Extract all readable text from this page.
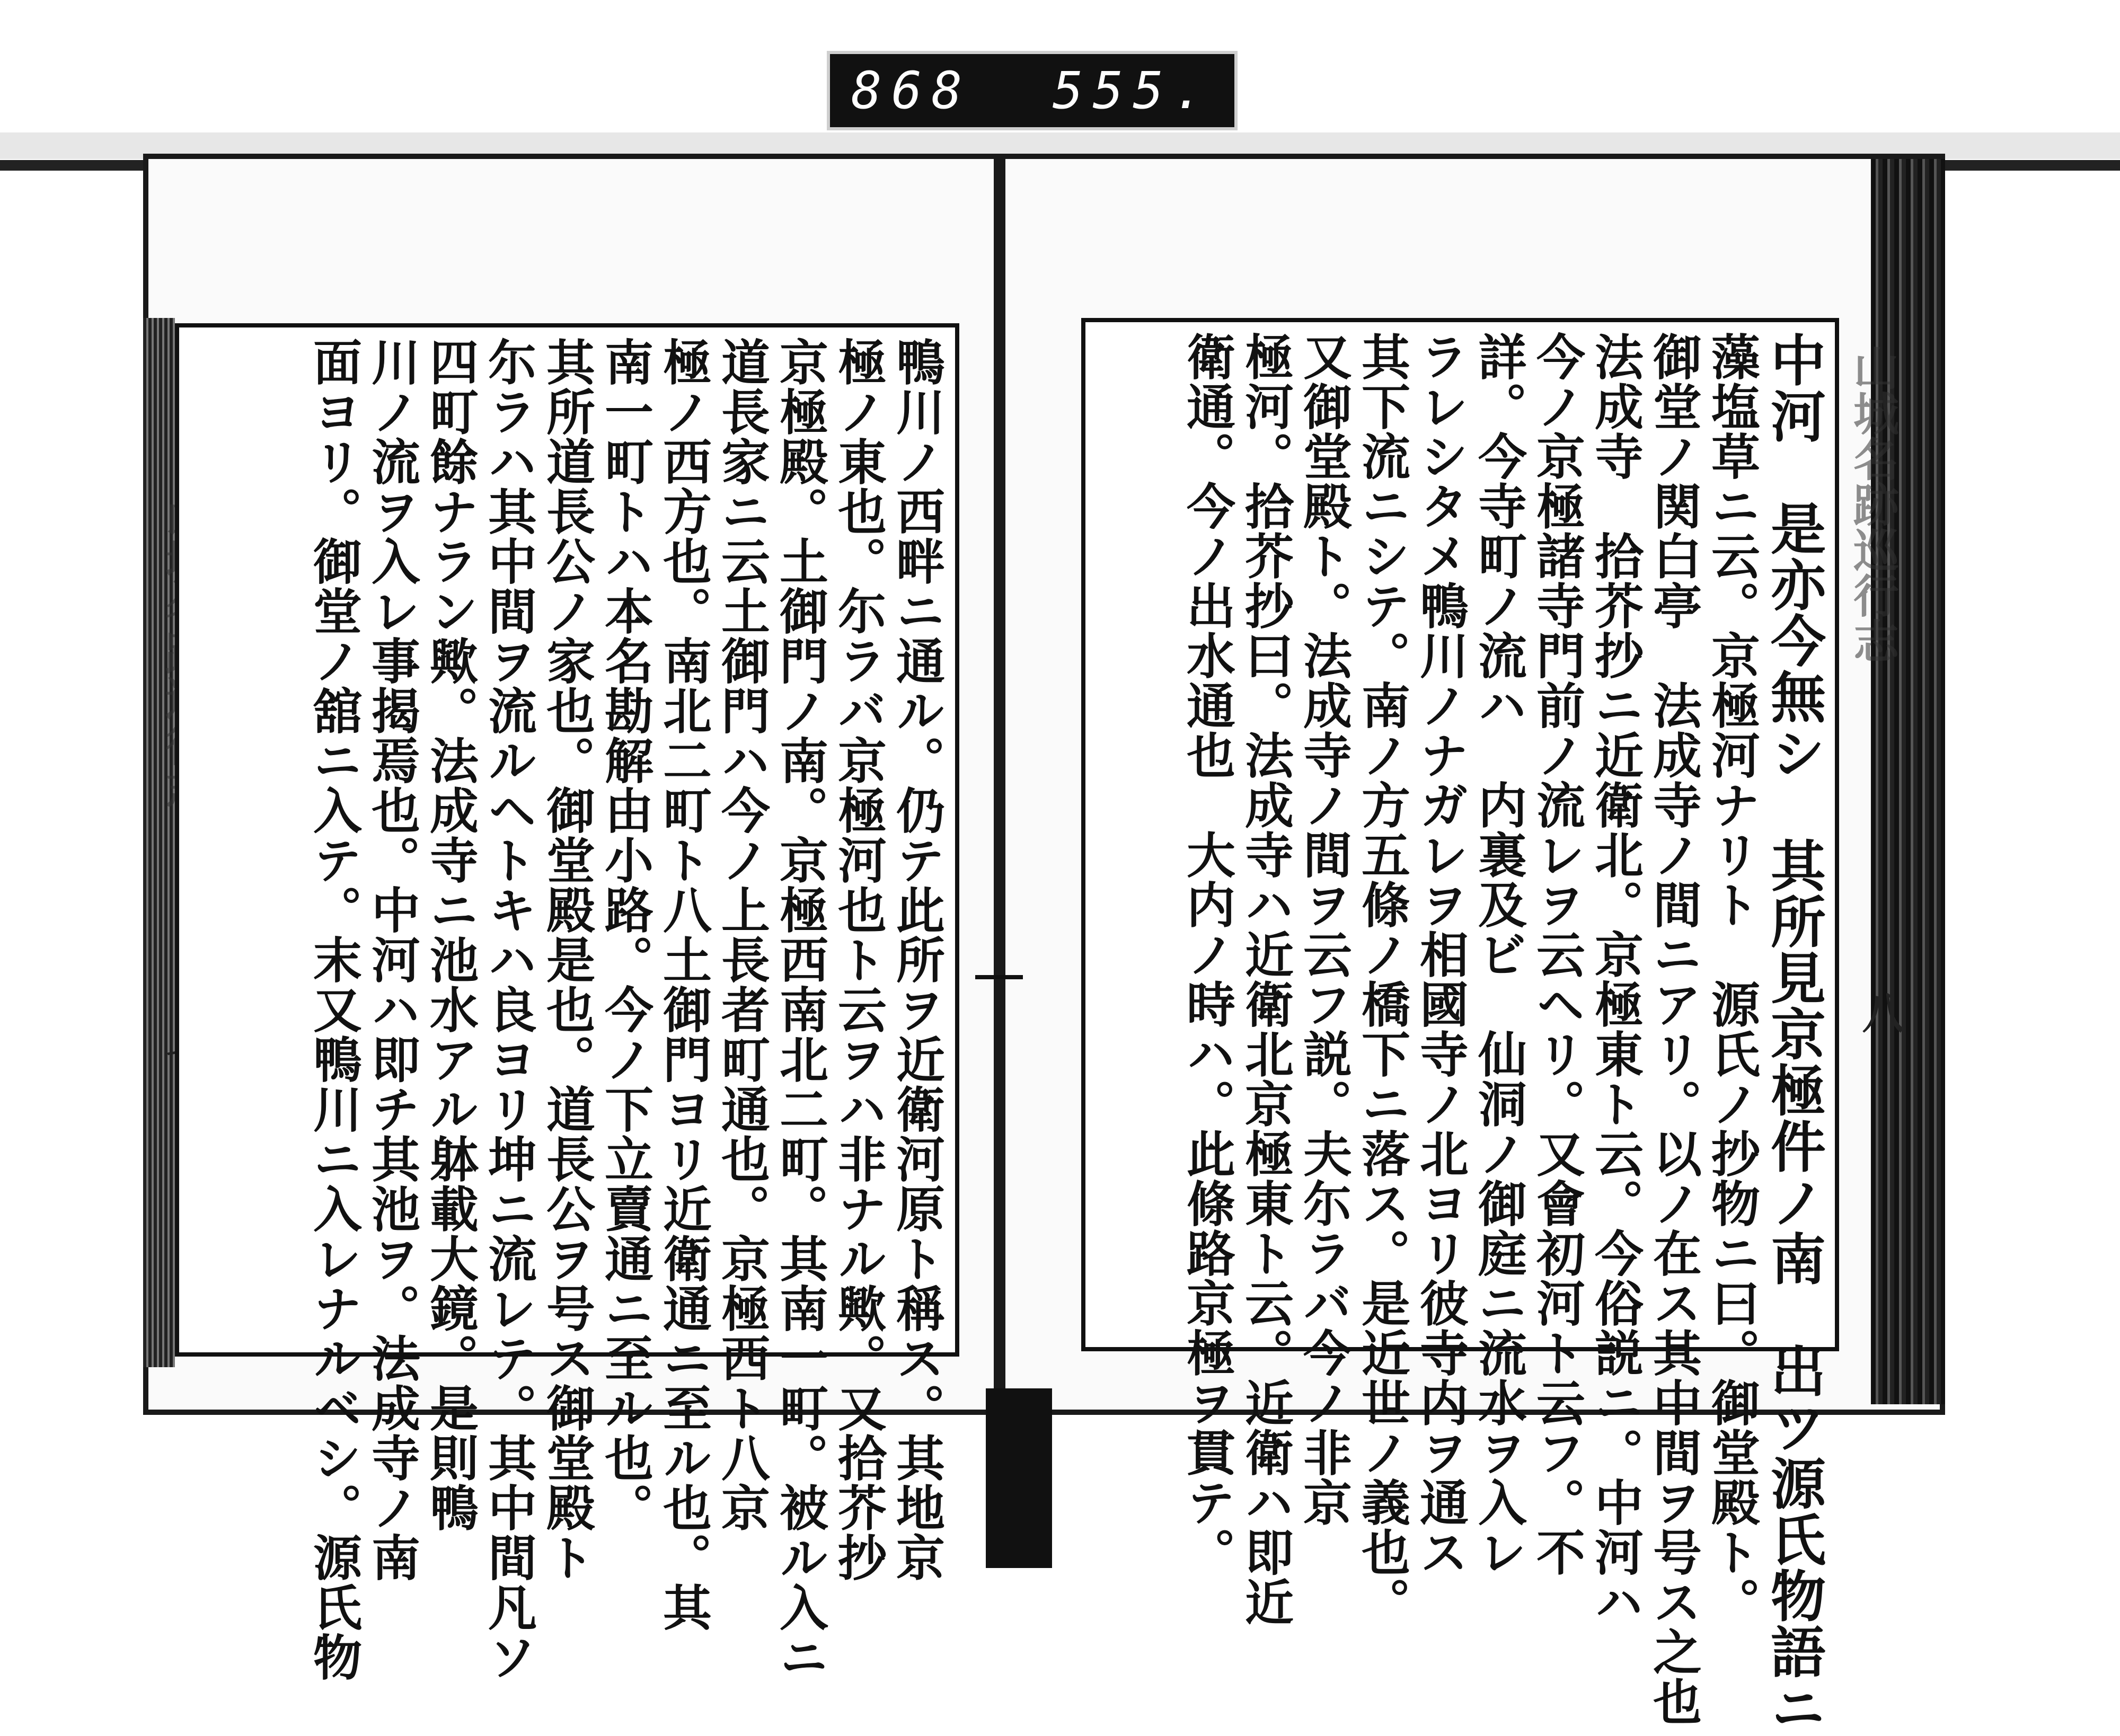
868 555.
山城名跡巡行志
八
鴨川ノ西畔ニ通ル。仍テ此所ヲ近衛河原ト稱ス。其地京
極ノ東也。尓ラバ京極河也ト云ヲハ非ナル歟。又拾芥抄
京極殿。土御門ノ南。京極西南北二町。其南一町。被ル入ニ
道長家ニ云土御門ハ今ノ上長者町通也。京極西ト八京
極ノ西方也。南北二町ト八土御門ヨリ近衛通ニ至ル也。其
南一町トハ本名勘解由小路。今ノ下立賣通ニ至ル也。
其所道長公ノ家也。御堂殿是也。道長公ヲ号ス御堂殿ト
尓ラハ其中間ヲ流ルヘトキハ良ヨリ坤ニ流レテ。其中間凡ソ
四町餘ナラン歟。法成寺ニ池水アル躰載大鏡。是則鴨
川ノ流ヲ入レ事揭焉也。中河ハ即チ其池ヲ。法成寺ノ南
面ヨリ。御堂ノ舘ニ入テ。末又鴨川ニ入レナルベシ。源氏物	中河　是亦今無シ　其所見京極件ノ南　出ツ源氏物語ニ
藻塩草ニ云。京極河ナリト　源氏ノ抄物ニ曰。御堂殿ト。
御堂ノ関白亭　法成寺ノ間ニアリ。以ノ在ス其中間ヲ号ス之也
法成寺　拾芥抄ニ近衛北。京極東ト云。今俗説ニ。中河ハ
今ノ京極諸寺門前ノ流レヲ云ヘリ。又會初河ト云フ。不
詳。今寺町ノ流ハ　内裏及ビ　仙洞ノ御庭ニ流水ヲ入レ
ラレシタメ鴨川ノナガレヲ相國寺ノ北ヨリ彼寺内ヲ通ス
其下流ニシテ。南ノ方五條ノ橋下ニ落ス。是近世ノ義也。
又御堂殿ト。法成寺ノ間ヲ云フ説。夫尓ラバ今ノ非京
極河。拾芥抄曰。法成寺ハ近衛北京極東ト云。近衛ハ即近
衛通。今ノ出水通也　大内ノ時ハ。此條路京極ヲ貫テ。
